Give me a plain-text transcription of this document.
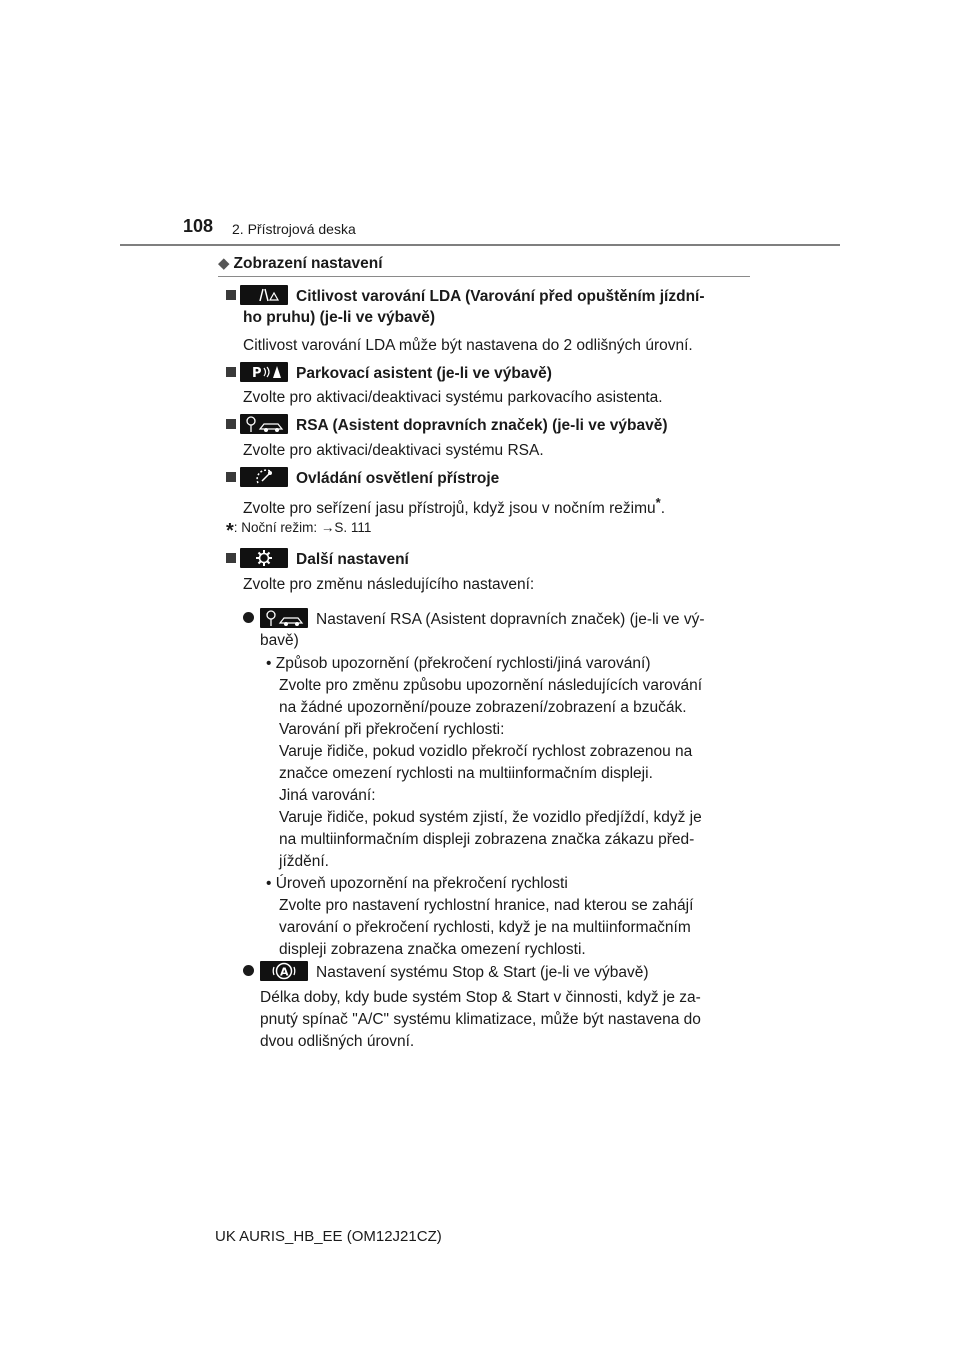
108 2. Přístrojová deska
◆ Zobrazení nastavení
Citlivost varování LDA (Varování před opuštěním jízdní-
ho pruhu) (je-li ve výbavě)
Citlivost varování LDA může být nastavena do 2 odlišných úrovní.
P Parkovací asistent (je-li ve výbavě)
Zvolte pro aktivaci/deaktivaci systému parkovacího asistenta.
RSA (Asistent dopravních značek) (je-li ve výbavě)
Zvolte pro aktivaci/deaktivaci systému RSA.
Ovládání osvětlení přístroje
Zvolte pro seřízení jasu přístrojů, když jsou v nočním režimu*.
*: Noční režim: →S. 111
Další nastavení
Zvolte pro změnu následujícího nastavení:
Nastavení RSA (Asistent dopravních značek) (je-li ve vý-
bavě)
• Způsob upozornění (překročení rychlosti/jiná varování)
Zvolte pro změnu způsobu upozornění následujících varování
na žádné upozornění/pouze zobrazení/zobrazení a bzučák.
Varování při překročení rychlosti:
Varuje řidiče, pokud vozidlo překročí rychlost zobrazenou na
značce omezení rychlosti na multiinformačním displeji.
Jiná varování:
Varuje řidiče, pokud systém zjistí, že vozidlo předjíždí, když je
na multiinformačním displeji zobrazena značka zákazu před-
jíždění.
• Úroveň upozornění na překročení rychlosti
Zvolte pro nastavení rychlostní hranice, nad kterou se zahájí
varování o překročení rychlosti, když je na multiinformačním
displeji zobrazena značka omezení rychlosti.
A Nastavení systému Stop & Start (je-li ve výbavě)
Délka doby, kdy bude systém Stop & Start v činnosti, když je za-
pnutý spínač "A/C" systému klimatizace, může být nastavena do
dvou odlišných úrovní.
UK AURIS_HB_EE (OM12J21CZ)
